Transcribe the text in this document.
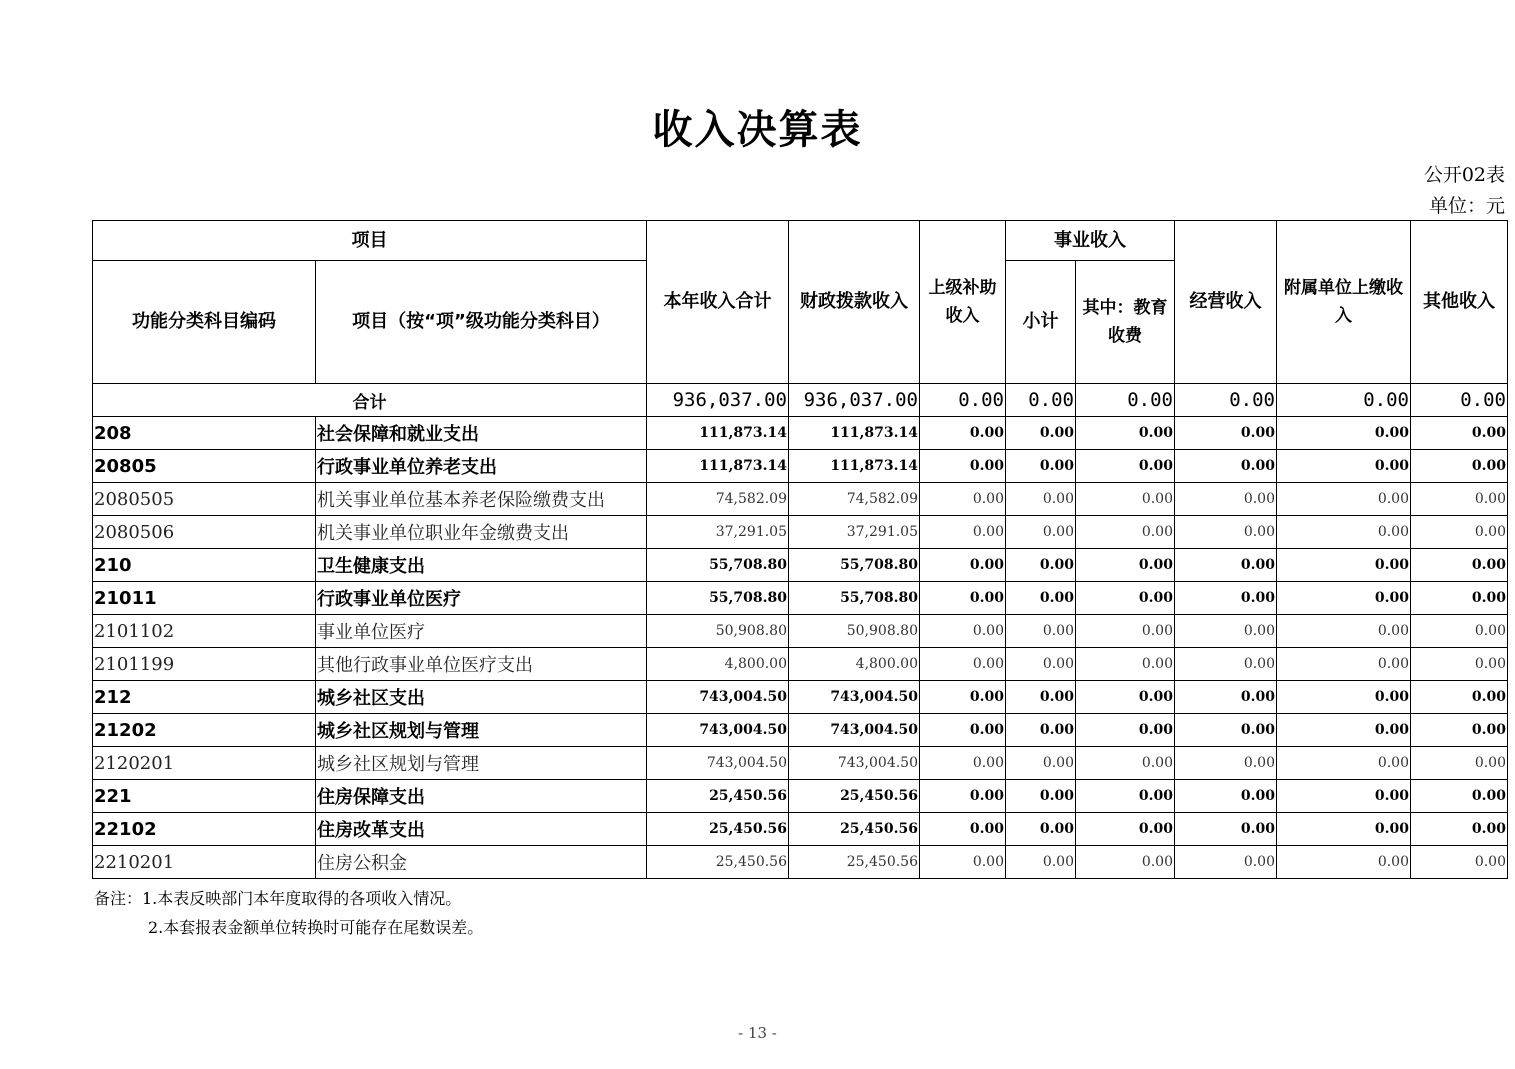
收入决算表
公开02表
单位：元
项目		本年收入合计	财政拨款收入	上级补助收入	事业收入		经营收入	附属单位上缴收入	其他收入
功能分类科目编码	项目（按“项”级功能分类科目）				小计	其中：教育收费			
合计		936,037.00	936,037.00	0.00	0.00	0.00	0.00	0.00	0.00
208	社会保障和就业支出	111,873.14	111,873.14	0.00	0.00	0.00	0.00	0.00	0.00
20805	行政事业单位养老支出	111,873.14	111,873.14	0.00	0.00	0.00	0.00	0.00	0.00
2080505	机关事业单位基本养老保险缴费支出	74,582.09	74,582.09	0.00	0.00	0.00	0.00	0.00	0.00
2080506	机关事业单位职业年金缴费支出	37,291.05	37,291.05	0.00	0.00	0.00	0.00	0.00	0.00
210	卫生健康支出	55,708.80	55,708.80	0.00	0.00	0.00	0.00	0.00	0.00
21011	行政事业单位医疗	55,708.80	55,708.80	0.00	0.00	0.00	0.00	0.00	0.00
2101102	事业单位医疗	50,908.80	50,908.80	0.00	0.00	0.00	0.00	0.00	0.00
2101199	其他行政事业单位医疗支出	4,800.00	4,800.00	0.00	0.00	0.00	0.00	0.00	0.00
212	城乡社区支出	743,004.50	743,004.50	0.00	0.00	0.00	0.00	0.00	0.00
21202	城乡社区规划与管理	743,004.50	743,004.50	0.00	0.00	0.00	0.00	0.00	0.00
2120201	城乡社区规划与管理	743,004.50	743,004.50	0.00	0.00	0.00	0.00	0.00	0.00
221	住房保障支出	25,450.56	25,450.56	0.00	0.00	0.00	0.00	0.00	0.00
22102	住房改革支出	25,450.56	25,450.56	0.00	0.00	0.00	0.00	0.00	0.00
2210201	住房公积金	25,450.56	25,450.56	0.00	0.00	0.00	0.00	0.00	0.00
备注：1.本表反映部门本年度取得的各项收入情况。
2.本套报表金额单位转换时可能存在尾数误差。
- 13 -
